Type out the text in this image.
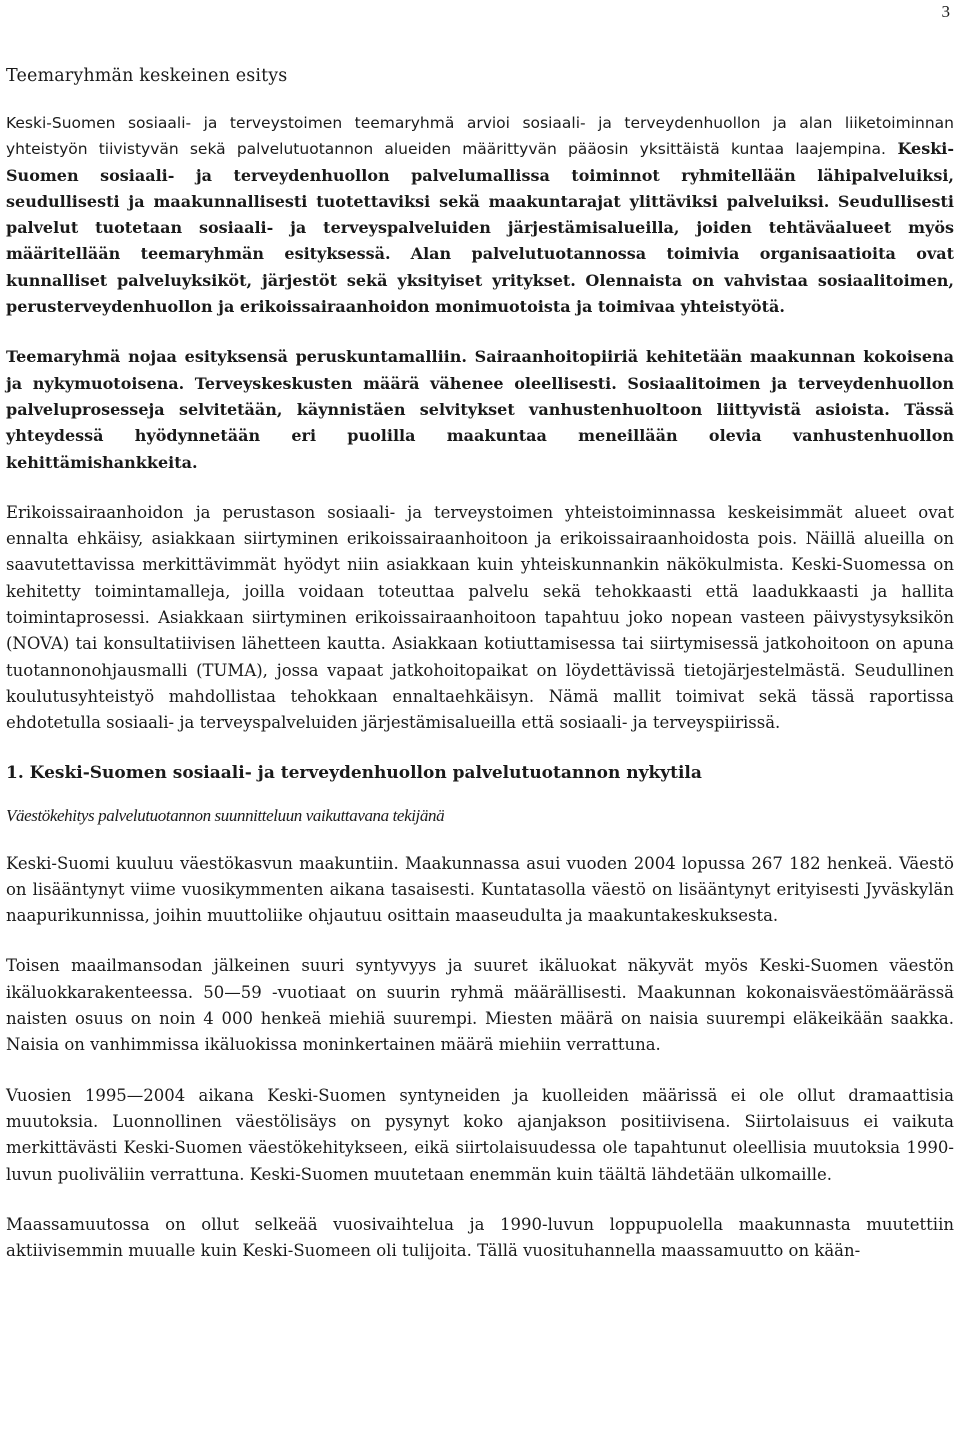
3
Teemaryhmän keskeinen esitys

Keski-Suomen sosiaali- ja terveystoimen teemaryhmä arvioi sosiaali- ja terveydenhuollon ja alan liiketoiminnan yhteistyön tiivistyvän sekä palvelutuotannon alueiden määrittyvän pääosin yksittäistä kuntaa laajempina. Keski-Suomen sosiaali- ja terveydenhuollon palvelumallissa toiminnot ryhmitellään lähipalveluiksi, seudullisesti ja maakunnallisesti tuotettaviksi sekä maakuntarajat ylittäviksi palveluiksi. Seudullisesti palvelut tuotetaan sosiaali- ja terveyspalveluiden järjestämisalueilla, joiden tehtäväalueet myös määritellään teemaryhmän esityksessä. Alan palvelutuotannossa toimivia organisaatioita ovat kunnalliset palveluyksiköt, järjestöt sekä yksityiset yritykset. Olennaista on vahvistaa sosiaalitoimen, perusterveydenhuollon ja erikoissairaanhoidon monimuotoista ja toimivaa yhteistyötä.

Teemaryhmä nojaa esityksensä peruskuntamalliin. Sairaanhoitopiiriä kehitetään maakunnan kokoisena ja nykymuotoisena. Terveyskeskusten määrä vähenee oleellisesti. Sosiaalitoimen ja terveydenhuollon palveluprosesseja selvitetään, käynnistäen selvitykset vanhustenhuoltoon liittyvistä asioista. Tässä yhteydessä hyödynnetään eri puolilla maakuntaa meneillään olevia vanhustenhuollon kehittämishankkeita.

Erikoissairaanhoidon ja perustason sosiaali- ja terveystoimen yhteistoiminnassa keskeisimmät alueet ovat ennalta ehkäisy, asiakkaan siirtyminen erikoissairaanhoitoon ja erikoissairaanhoidosta pois. Näillä alueilla on saavutettavissa merkittävimmät hyödyt niin asiakkaan kuin yhteiskunnankin näkökulmista. Keski-Suomessa on kehitetty toimintamalleja, joilla voidaan toteuttaa palvelu sekä tehokkaasti että laadukkaasti ja hallita toimintaprosessi. Asiakkaan siirtyminen erikoissairaanhoitoon tapahtuu joko nopean vasteen päivystysyksikön (NOVA) tai konsultatiivisen lähetteen kautta. Asiakkaan kotiuttamisessa tai siirtymisessä jatkohoitoon on apuna tuotannonohjausmalli (TUMA), jossa vapaat jatkohoitopaikat on löydettävissä tietojärjestelmästä. Seudullinen koulutusyhteistyö mahdollistaa tehokkaan ennaltaehkäisyn. Nämä mallit toimivat sekä tässä raportissa ehdotetulla sosiaali- ja terveyspalveluiden järjestämisalueilla että sosiaali- ja terveyspiirissä.

1. Keski-Suomen sosiaali- ja terveydenhuollon palvelutuotannon nykytila
Väestökehitys palvelutuotannon suunnitteluun vaikuttavana tekijänä

Keski-Suomi kuuluu väestökasvun maakuntiin. Maakunnassa asui vuoden 2004 lopussa 267 182 henkeä. Väestö on lisääntynyt viime vuosikymmenten aikana tasaisesti. Kuntatasolla väestö on lisääntynyt erityisesti Jyväskylän naapurikunnissa, joihin muuttoliike ohjautuu osittain maaseudulta ja maakuntakeskuksesta.

Toisen maailmansodan jälkeinen suuri syntyvyys ja suuret ikäluokat näkyvät myös Keski-Suomen väestön ikäluokkarakenteessa. 50—59 -vuotiaat on suurin ryhmä määrällisesti. Maakunnan kokonaisväestömäärässä naisten osuus on noin 4 000 henkeä miehiä suurempi. Miesten määrä on naisia suurempi eläkeikään saakka. Naisia on vanhimmissa ikäluokissa moninkertainen määrä miehiin verrattuna.

Vuosien 1995—2004 aikana Keski-Suomen syntyneiden ja kuolleiden määrissä ei ole ollut dramaattisia muutoksia. Luonnollinen väestölisäys on pysynyt koko ajanjakson positiivisena. Siirtolaisuus ei vaikuta merkittävästi Keski-Suomen väestökehitykseen, eikä siirtolaisuudessa ole tapahtunut oleellisia muutoksia 1990-luvun puoliväliin verrattuna. Keski-Suomen muutetaan enemmän kuin täältä lähdetään ulkomaille.

Maassamuutossa on ollut selkeää vuosivaihtelua ja 1990-luvun loppupuolella maakunnasta muutettiin aktiivisemmin muualle kuin Keski-Suomeen oli tulijoita. Tällä vuosituhannella maassamuutto on kään-
